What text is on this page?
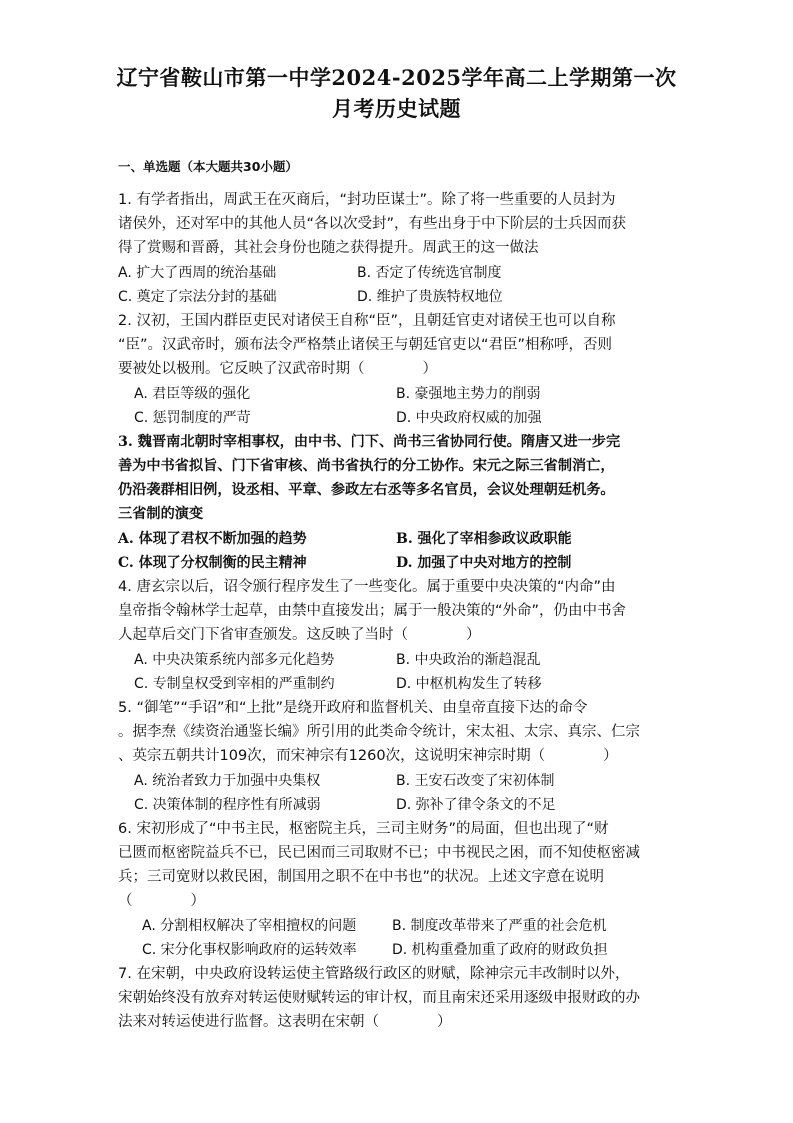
辽宁省鞍山市第一中学2024-2025学年高二上学期第一次
月考历史试题
一、单选题（本大题共30小题）
1. 有学者指出，周武王在灭商后，“封功臣谋士”。除了将一些重要的人员封为
诸侯外，还对军中的其他人员“各以次受封”，有些出身于中下阶层的士兵因而获
得了赏赐和晋爵，其社会身份也随之获得提升。周武王的这一做法
A. 扩大了西周的统治基础	B. 否定了传统选官制度
C. 奠定了宗法分封的基础	D. 维护了贵族特权地位
2. 汉初，王国内群臣吏民对诸侯王自称“臣”，且朝廷官吏对诸侯王也可以自称
“臣”。汉武帝时，颁布法令严格禁止诸侯王与朝廷官吏以“君臣”相称呼，否则
要被处以极刑。它反映了汉武帝时期（　　　　）
A. 君臣等级的强化	B. 豪强地主势力的削弱
C. 惩罚制度的严苛	D. 中央政府权威的加强
3. 魏晋南北朝时宰相事权，由中书、门下、尚书三省协同行使。隋唐又进一步完
善为中书省拟旨、门下省审核、尚书省执行的分工协作。宋元之际三省制消亡，
仍沿袭群相旧例，设丞相、平章、参政左右丞等多名官员，会议处理朝廷机务。
三省制的演变
A. 体现了君权不断加强的趋势	B. 强化了宰相参政议政职能
C. 体现了分权制衡的民主精神	D. 加强了中央对地方的控制
4. 唐玄宗以后，诏令颁行程序发生了一些变化。属于重要中央决策的“内命”由
皇帝指令翰林学士起草，由禁中直接发出；属于一般决策的“外命”，仍由中书舍
人起草后交门下省审查颁发。这反映了当时（　　　　）
A. 中央决策系统内部多元化趋势	B. 中央政治的渐趋混乱
C. 专制皇权受到宰相的严重制约	D. 中枢机构发生了转移
5. “御笔”“手诏”和“上批”是绕开政府和监督机关、由皇帝直接下达的命令
。据李焘《续资治通鉴长编》所引用的此类命令统计，宋太祖、太宗、真宗、仁宗
、英宗五朝共计109次，而宋神宗有1260次，这说明宋神宗时期（　　　　）
A. 统治者致力于加强中央集权	B. 王安石改变了宋初体制
C. 决策体制的程序性有所减弱	D. 弥补了律令条文的不足
6. 宋初形成了“中书主民，枢密院主兵，三司主财务”的局面，但也出现了“财
已匮而枢密院益兵不已，民已困而三司取财不已；中书视民之困，而不知使枢密减
兵；三司宽财以救民困，制国用之职不在中书也”的状况。上述文字意在说明
（　　　　）
A. 分割相权解决了宰相擅权的问题	B. 制度改革带来了严重的社会危机
C. 宋分化事权影响政府的运转效率	D. 机构重叠加重了政府的财政负担
7. 在宋朝，中央政府设转运使主管路级行政区的财赋，除神宗元丰改制时以外，
宋朝始终没有放弃对转运使财赋转运的审计权，而且南宋还采用逐级申报财政的办
法来对转运使进行监督。这表明在宋朝（　　　　）
